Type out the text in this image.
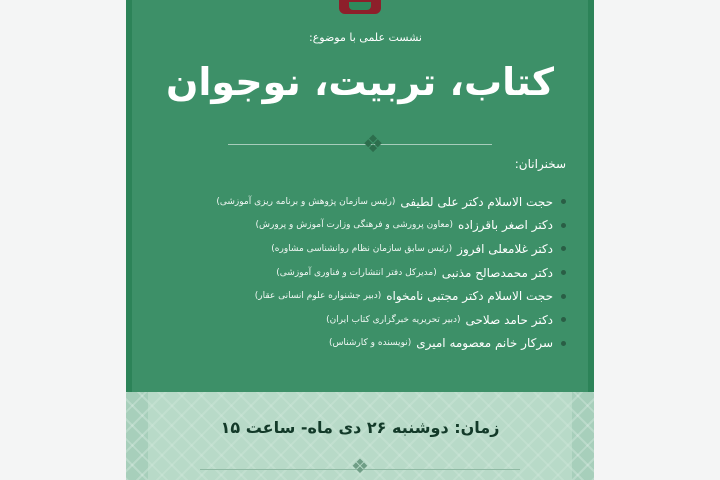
نشست علمی با موضوع:
کتاب، تربیت، نوجوان
❖
سخنرانان:
حجت الاسلام دکتر علی لطیفی
(رئیس سازمان پژوهش و برنامه ریزی آموزشی)
دکتر اصغر باقرزاده
(معاون پرورشی و فرهنگی وزارت آموزش و پرورش)
دکتر غلامعلی افروز
(رئیس سابق سازمان نظام روانشناسی مشاوره)
دکتر محمدصالح مذنبی
(مدیرکل دفتر انتشارات و فناوری آموزشی)
حجت الاسلام دکتر مجتبی نامخواه
(دبیر جشنواره علوم انسانی عقار)
دکتر حامد صلاحی
(دبیر تحریریه خبرگزاری کتاب ایران)
سرکار خانم معصومه امیری
(نویسنده و کارشناس)
زمان: دوشنبه ۲۶ دی ماه- ساعت ۱۵
❖
